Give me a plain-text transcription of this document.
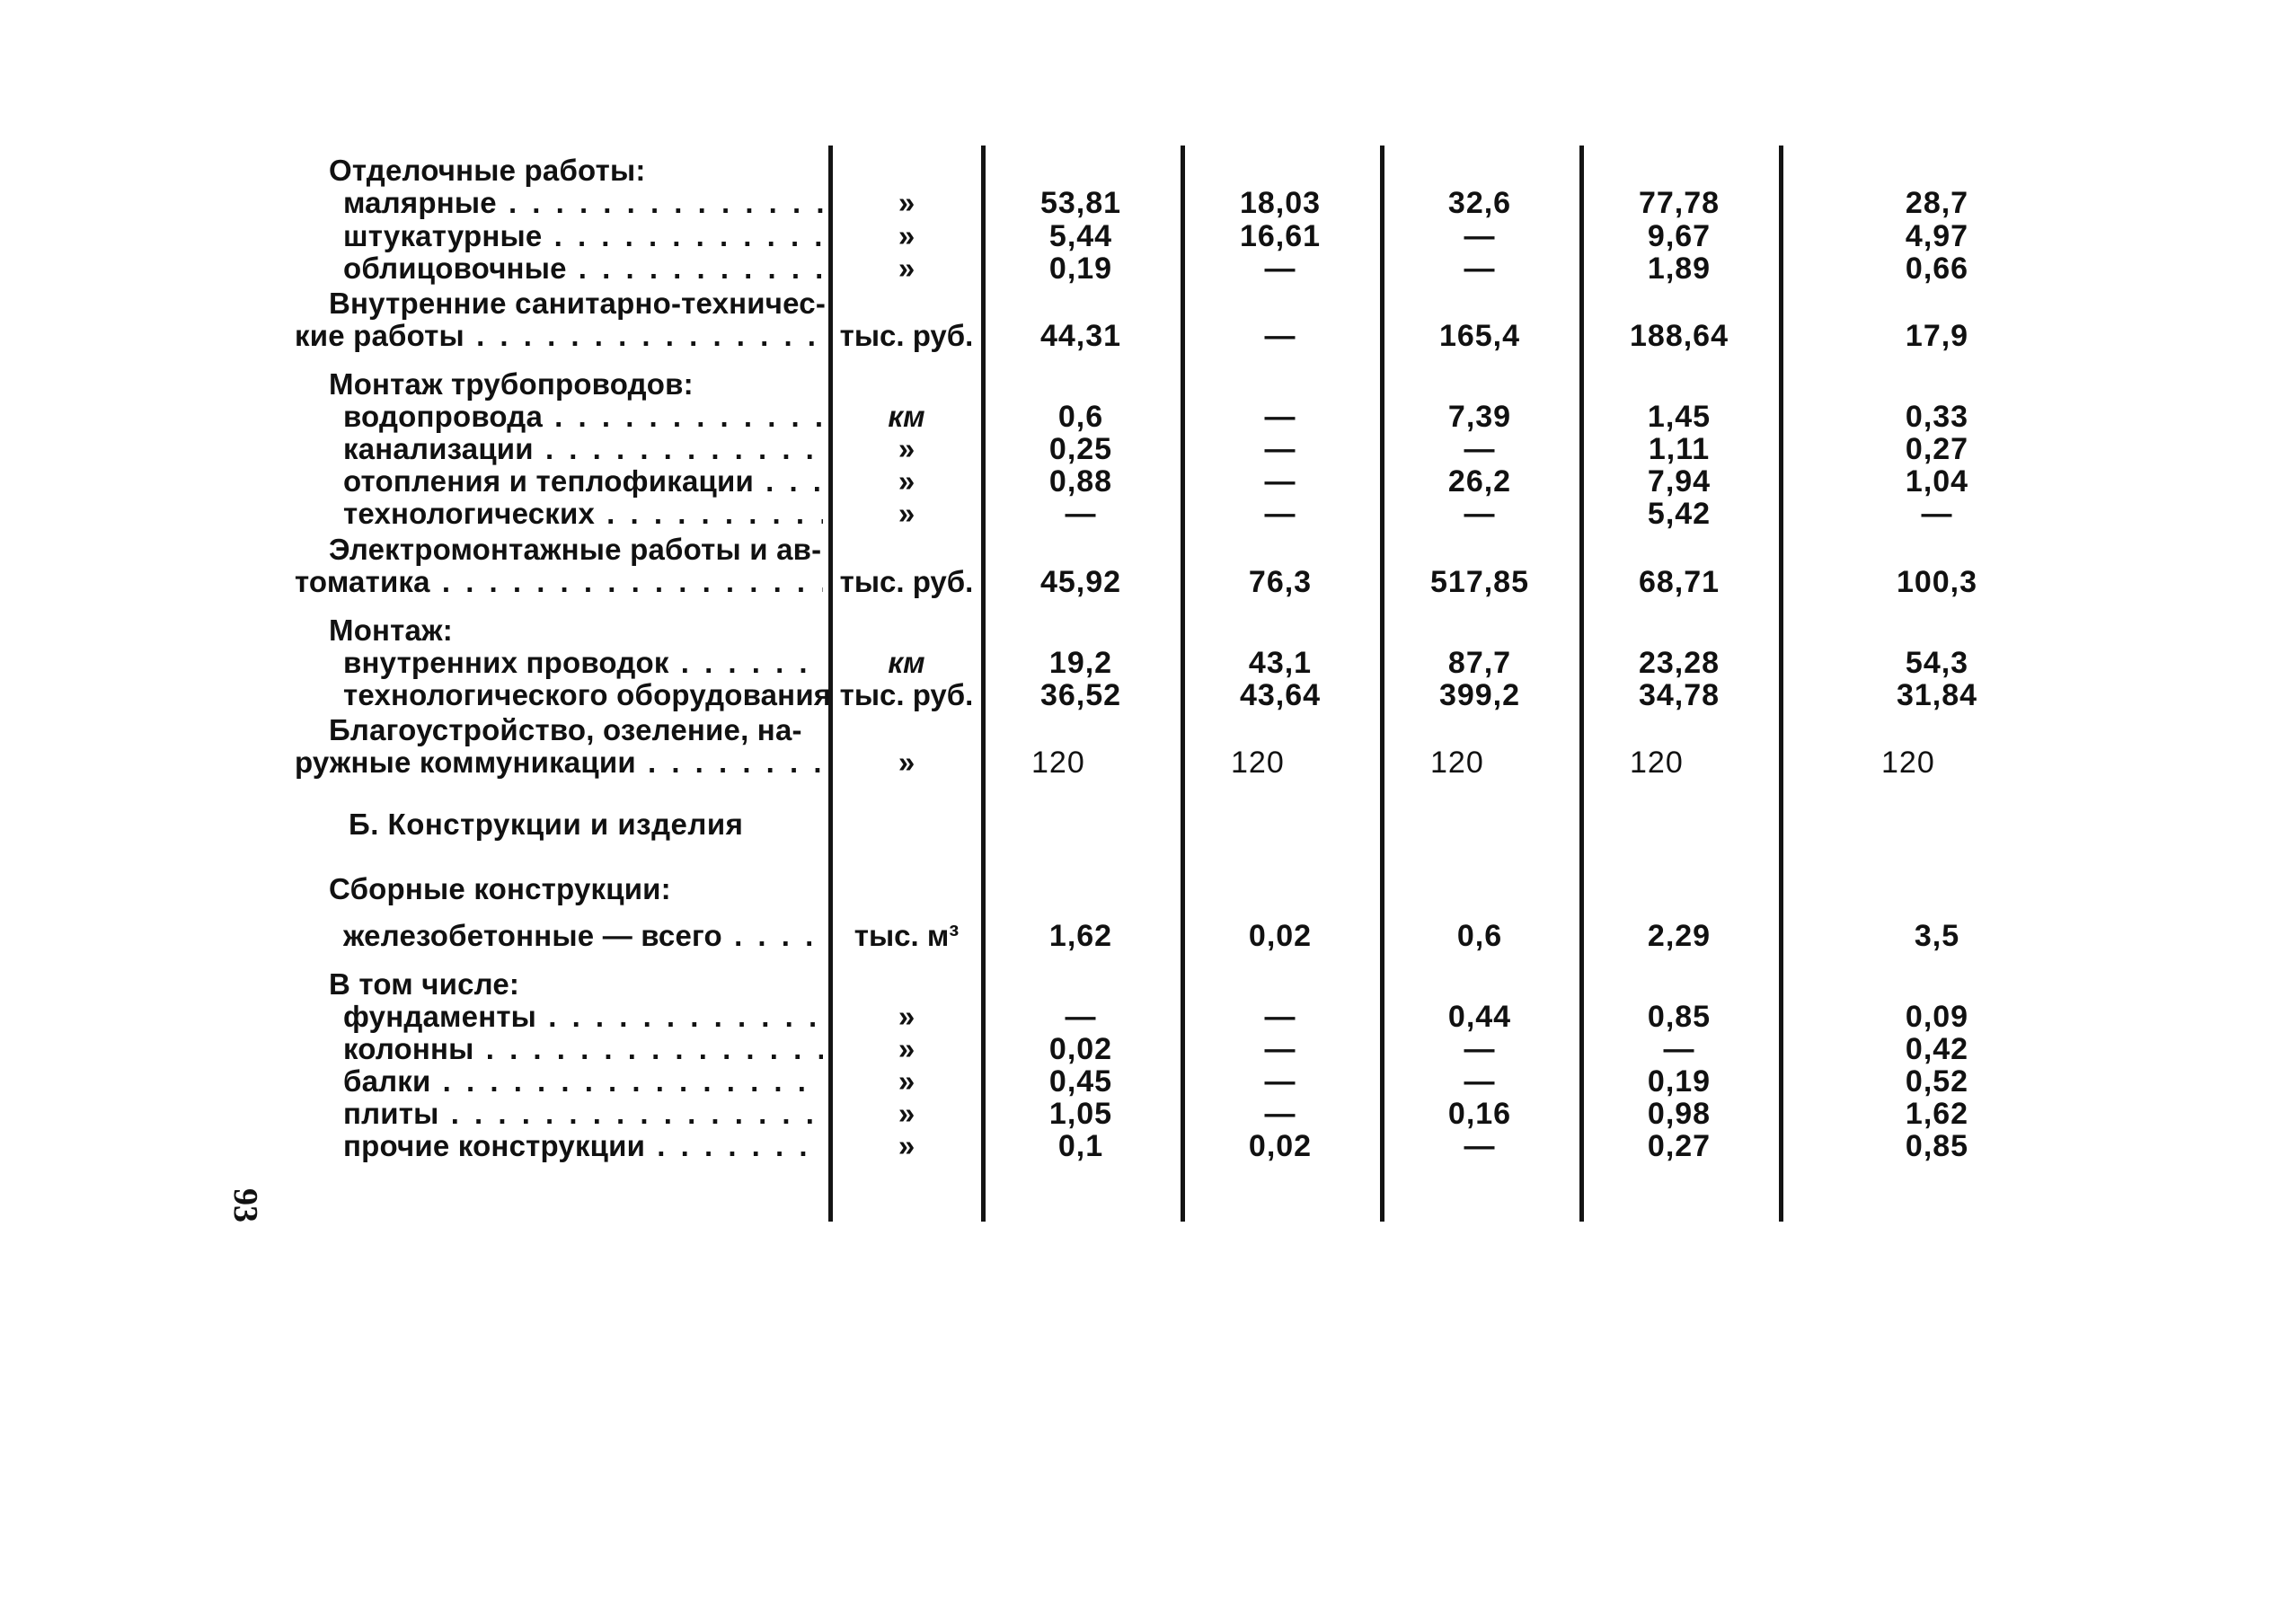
Отделочные работы:
малярные . . .	»	53,81	18,03	32,6	77,78	28,7
штукатурные . . .	»	5,44	16,61	—	9,67	4,97
облицовочные . . .	»	0,19	—	—	1,89	0,66
Внутренние санитарно-техничес-
кие работы . . .	тыс. руб.	44,31	—	165,4	188,64	17,9
Монтаж трубопроводов:
водопровода . . .	км	0,6	—	7,39	1,45	0,33
канализации . . .	»	0,25	—	—	1,11	0,27
отопления и теплофикации . . .	»	0,88	—	26,2	7,94	1,04
технологических . . .	»	—	—	—	5,42	—
Электромонтажные работы и ав-
томатика . . .	тыс. руб.	45,92	76,3	517,85	68,71	100,3
Монтаж:
внутренних проводок . . .	км	19,2	43,1	87,7	23,28	54,3
технологического оборудования тыс. руб.	36,52	43,64	399,2	34,78	31,84
Благоустройство, озеление, на-
ружные коммуникации . . .	»	120	120	120	120	120
Б. Конструкции и изделия
Сборные конструкции:
железобетонные — всего . . .	тыс. м³	1,62	0,02	0,6	2,29	3,5
В том числе:
фундаменты . . .	»	—	—	0,44	0,85	0,09
колонны . . .	»	0,02	—	—	—	0,42
балки . . .	»	0,45	—	—	0,19	0,52
плиты . . .	»	1,05	—	0,16	0,98	1,62
прочие конструкции . . .	»	0,1	0,02	—	0,27	0,85
93
